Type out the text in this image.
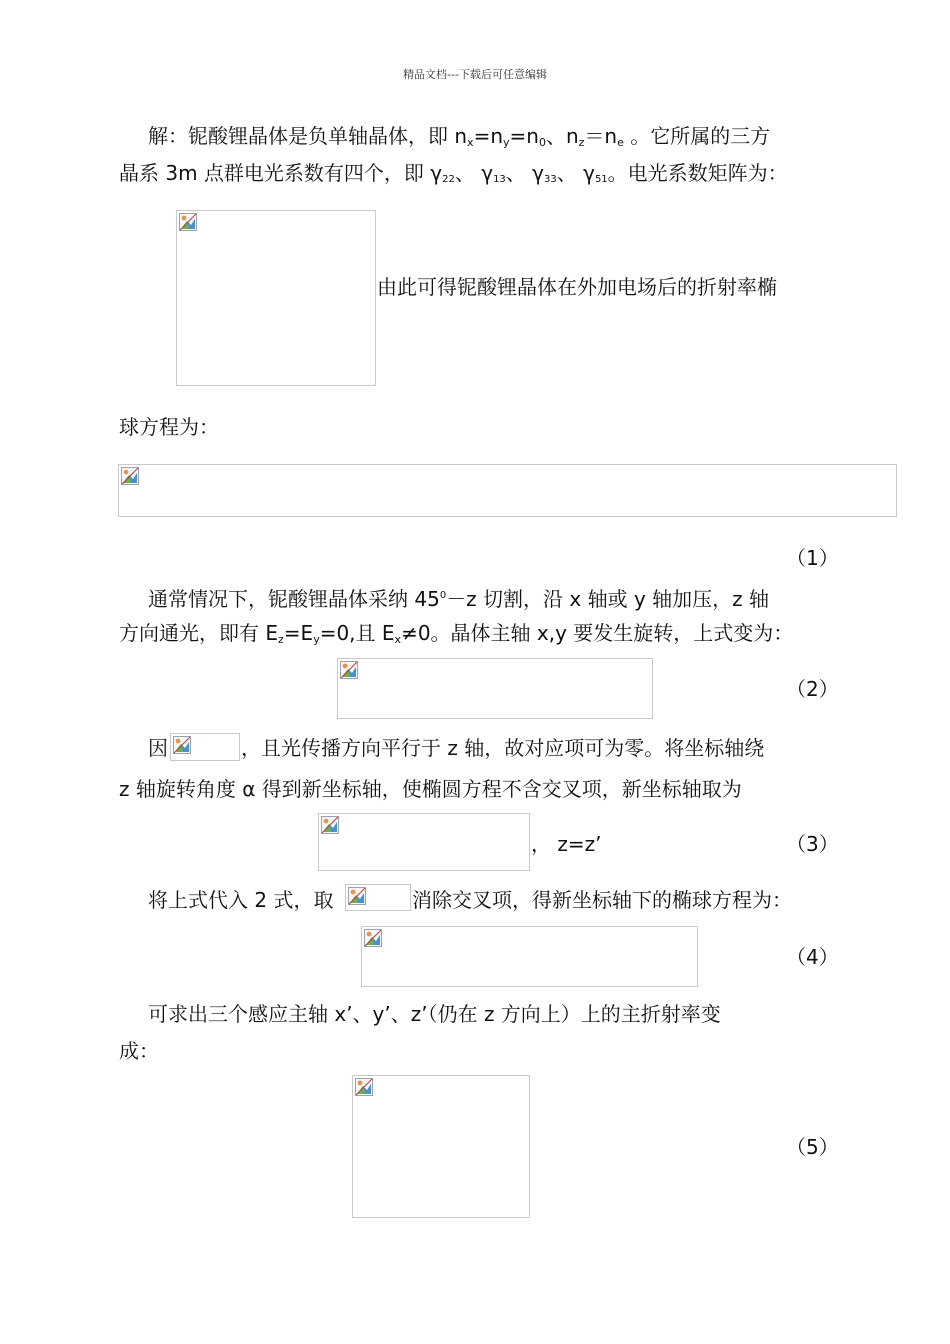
精品文档---下载后可任意编辑
解：铌酸锂晶体是负单轴晶体，即 $n_x=n_y=n_0$、$n_z=n_e$ 。它所属的三方
晶系 3m 点群电光系数有四个，即 γ22、 γ13、 γ33、 γ51。电光系数矩阵为：
由此可得铌酸锂晶体在外加电场后的折射率椭
球方程为：
（1）
通常情况下，铌酸锂晶体采纳 $45^0-z$ 切割，沿 x 轴或 y 轴加压，z 轴
方向通光，即有 $E_z=E_y=0$,且 $E_x\ne 0$。晶体主轴 x,y 要发生旋转，上式变为：
（2）
因	，且光传播方向平行于 z 轴，故对应项可为零。将坐标轴绕
z 轴旋转角度 α 得到新坐标轴，使椭圆方程不含交叉项，新坐标轴取为
， z=z’	（3）
将上式代入 2 式，取	消除交叉项，得新坐标轴下的椭球方程为：
（4）
可求出三个感应主轴 x’、y’、z’（仍在 z 方向上）上的主折射率变
成：
（5）
